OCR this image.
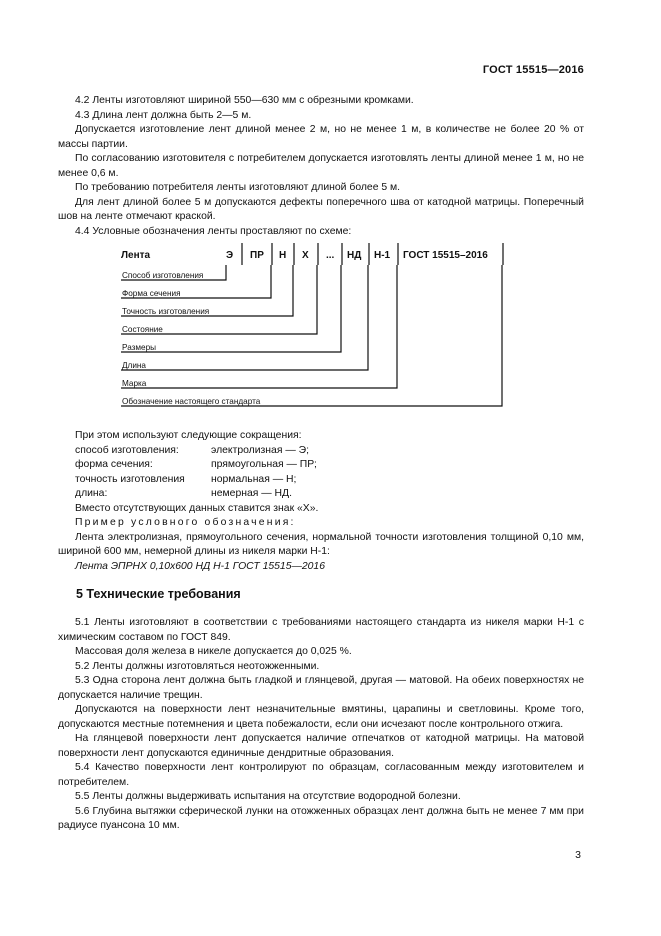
ГОСТ 15515—2016

4.2 Ленты изготовляют шириной 550—630 мм с обрезными кромками.

4.3 Длина лент должна быть 2—5 м.

Допускается изготовление лент длиной менее 2 м, но не менее 1 м, в количестве не более 20 % от массы партии.

По согласованию изготовителя с потребителем допускается изготовлять ленты длиной менее 1 м, но не менее 0,6 м.

По требованию потребителя ленты изготовляют длиной более 5 м.

Для лент длиной более 5 м допускаются дефекты поперечного шва от катодной матрицы. Поперечный шов на ленте отмечают краской.

4.4 Условные обозначения ленты проставляют по схеме:

Лента	Э ПР Н Х ... НД Н-1 ГОСТ 15515–2016
Способ изготовления
Форма сечения
Точность изготовления
Состояние
Размеры
Длина
Марка
Обозначение настоящего стандарта

При этом используют следующие сокращения:

способ изготовления:	электролизная — Э;
форма сечения:	прямоугольная — ПР;
точность изготовления	нормальная — Н;
длина:	немерная — НД.

Вместо отсутствующих данных ставится знак «Х».

Пример условного обозначения:

Лента электролизная, прямоугольного сечения, нормальной точности изготовления толщиной 0,10 мм, шириной 600 мм, немерной длины из никеля марки Н-1:

Лента ЭПРНХ 0,10х600 НД Н-1 ГОСТ 15515—2016

5 Технические требования

5.1 Ленты изготовляют в соответствии с требованиями настоящего стандарта из никеля марки Н-1 с химическим составом по ГОСТ 849.

Массовая доля железа в никеле допускается до 0,025 %.

5.2 Ленты должны изготовляться неотожженными.

5.3 Одна сторона лент должна быть гладкой и глянцевой, другая — матовой. На обеих поверхностях не допускается наличие трещин.

Допускаются на поверхности лент незначительные вмятины, царапины и светловины. Кроме того, допускаются местные потемнения и цвета побежалости, если они исчезают после контрольного отжига.

На глянцевой поверхности лент допускается наличие отпечатков от катодной матрицы. На матовой поверхности лент допускаются единичные дендритные образования.

5.4 Качество поверхности лент контролируют по образцам, согласованным между изготовителем и потребителем.

5.5 Ленты должны выдерживать испытания на отсутствие водородной болезни.

5.6 Глубина вытяжки сферической лунки на отожженных образцах лент должна быть не менее 7 мм при радиусе пуансона 10 мм.

3
